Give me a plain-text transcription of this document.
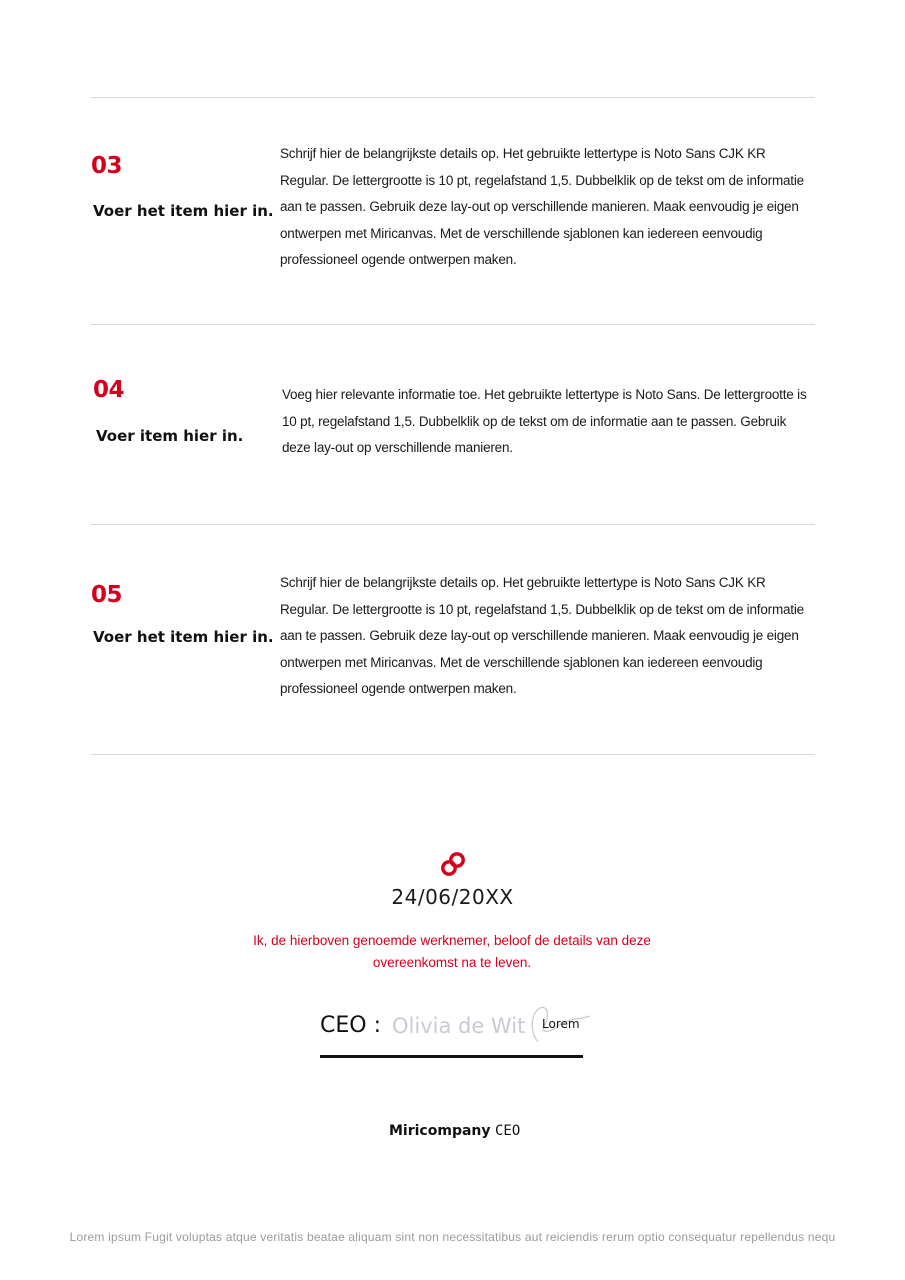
03
Voer het item hier in.
Schrijf hier de belangrijkste details op. Het gebruikte lettertype is Noto Sans CJK KR Regular. De lettergrootte is 10 pt, regelafstand 1,5. Dubbelklik op de tekst om de informatie aan te passen. Gebruik deze lay-out op verschillende manieren. Maak eenvoudig je eigen ontwerpen met Miricanvas. Met de verschillende sjablonen kan iedereen eenvoudig professioneel ogende ontwerpen maken.
04
Voer item hier in.
Voeg hier relevante informatie toe. Het gebruikte lettertype is Noto Sans. De lettergrootte is 10 pt, regelafstand 1,5. Dubbelklik op de tekst om de informatie aan te passen. Gebruik deze lay-out op verschillende manieren.
05
Voer het item hier in.
Schrijf hier de belangrijkste details op. Het gebruikte lettertype is Noto Sans CJK KR Regular. De lettergrootte is 10 pt, regelafstand 1,5. Dubbelklik op de tekst om de informatie aan te passen. Gebruik deze lay-out op verschillende manieren. Maak eenvoudig je eigen ontwerpen met Miricanvas. Met de verschillende sjablonen kan iedereen eenvoudig professioneel ogende ontwerpen maken.
24/06/20XX
Ik, de hierboven genoemde werknemer, beloof de details van deze overeenkomst na te leven.
CEO : Olivia de Wit Lorem
Miricompany CEO
Lorem ipsum Fugit voluptas atque veritatis beatae aliquam sint non necessitatibus aut reiciendis rerum optio consequatur repellendus nequ
